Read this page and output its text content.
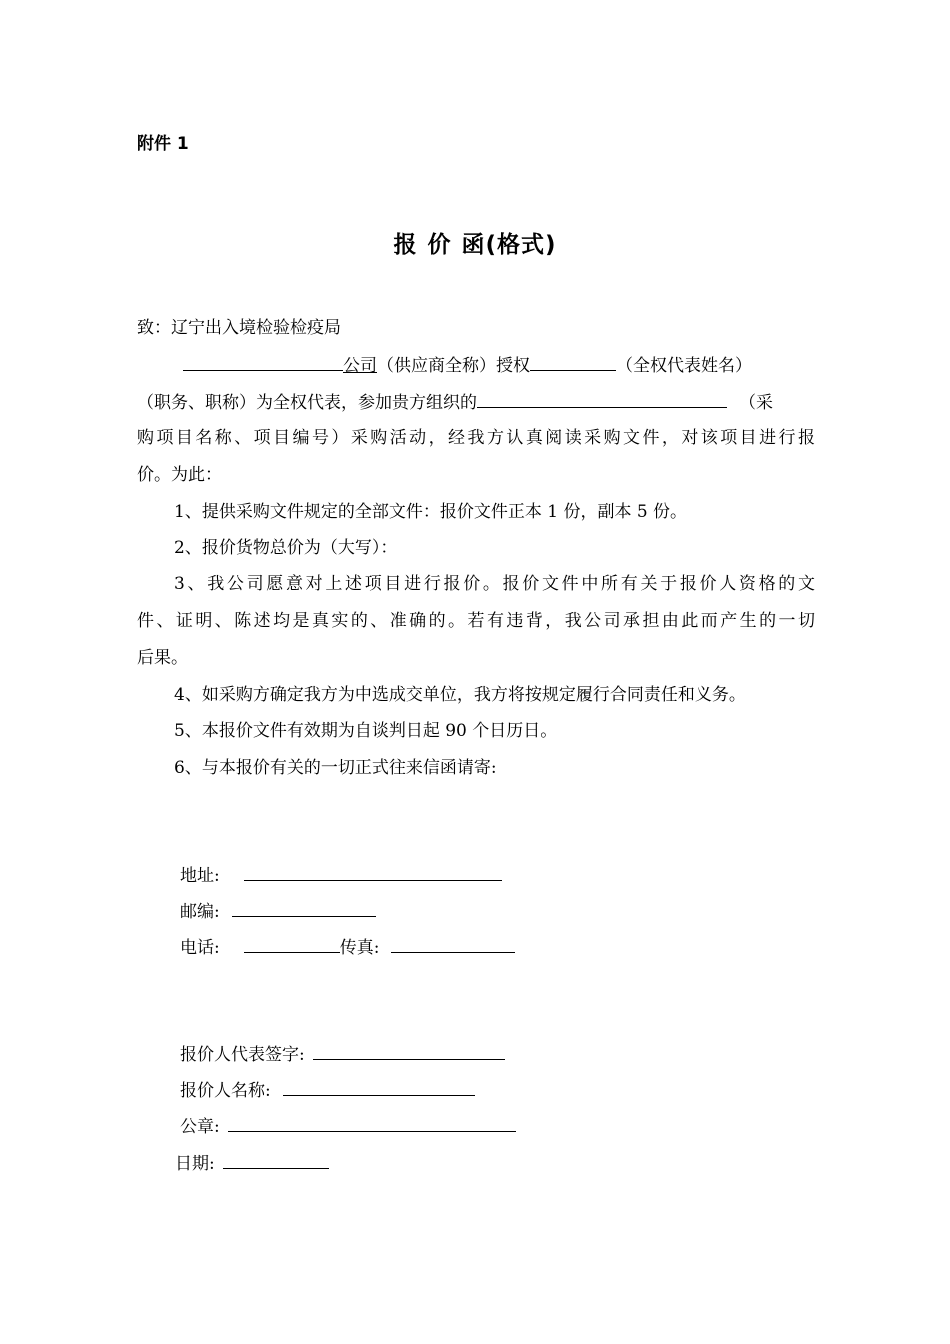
附件 1
报 价 函(格式)
致：辽宁出入境检验检疫局
公司（供应商全称）授权	（全权代表姓名）
（职务、职称）为全权代表，参加贵方组织的	（采
购项目名称、项目编号）采购活动，经我方认真阅读采购文件，对该项目进行报
价。为此：
1、提供采购文件规定的全部文件：报价文件正本 1 份，副本 5 份。
2、报价货物总价为（大写）：
3、我公司愿意对上述项目进行报价。报价文件中所有关于报价人资格的文
件、证明、陈述均是真实的、准确的。若有违背，我公司承担由此而产生的一切
后果。
4、如采购方确定我方为中选成交单位，我方将按规定履行合同责任和义务。
5、本报价文件有效期为自谈判日起 90 个日历日。
6、与本报价有关的一切正式往来信函请寄:
地址:
邮编:
电话:	传真:
报价人代表签字:
报价人名称:
公章:
日期:
